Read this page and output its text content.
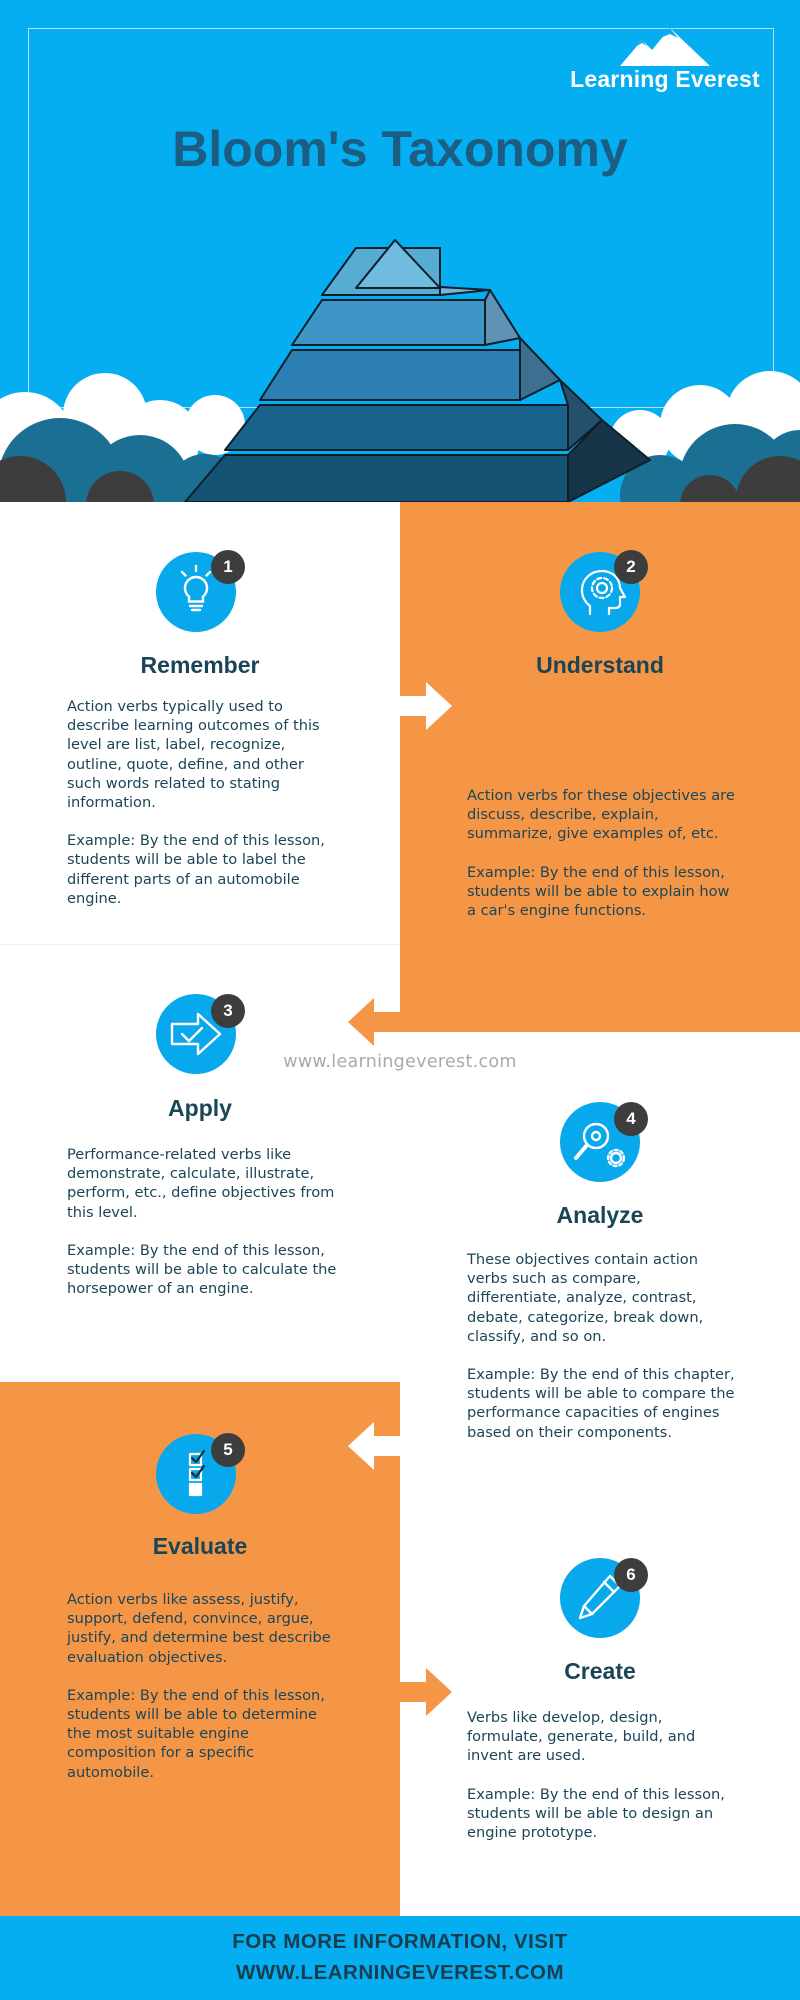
Learning Everest
Bloom's Taxonomy
www.learningeverest.com
1
Remember

Action verbs typically used to describe learning outcomes of this level are list, label, recognize, outline, quote, define, and other such words related to stating information.

Example: By the end of this lesson, students will be able to label the different parts of an automobile engine.

2
Understand

Action verbs for these objectives are discuss, describe, explain, summarize, give examples of, etc.

Example: By the end of this lesson, students will be able to explain how a car's engine functions.

3
Apply

Performance-related verbs like demonstrate, calculate, illustrate, perform, etc., define objectives from this level.

Example: By the end of this lesson, students will be able to calculate the horsepower of an engine.

4
Analyze

These objectives contain action verbs such as compare, differentiate, analyze, contrast, debate, categorize, break down, classify, and so on.

Example: By the end of this chapter, students will be able to compare the performance capacities of engines based on their components.

5
Evaluate

Action verbs like assess, justify, support, defend, convince, argue, justify, and determine best describe evaluation objectives.

Example: By the end of this lesson, students will be able to determine the most suitable engine composition for a specific automobile.

6
Create

Verbs like develop, design, formulate, generate, build, and invent are used.

Example: By the end of this lesson, students will be able to design an engine prototype.

FOR MORE INFORMATION, VISIT
WWW.LEARNINGEVEREST.COM
